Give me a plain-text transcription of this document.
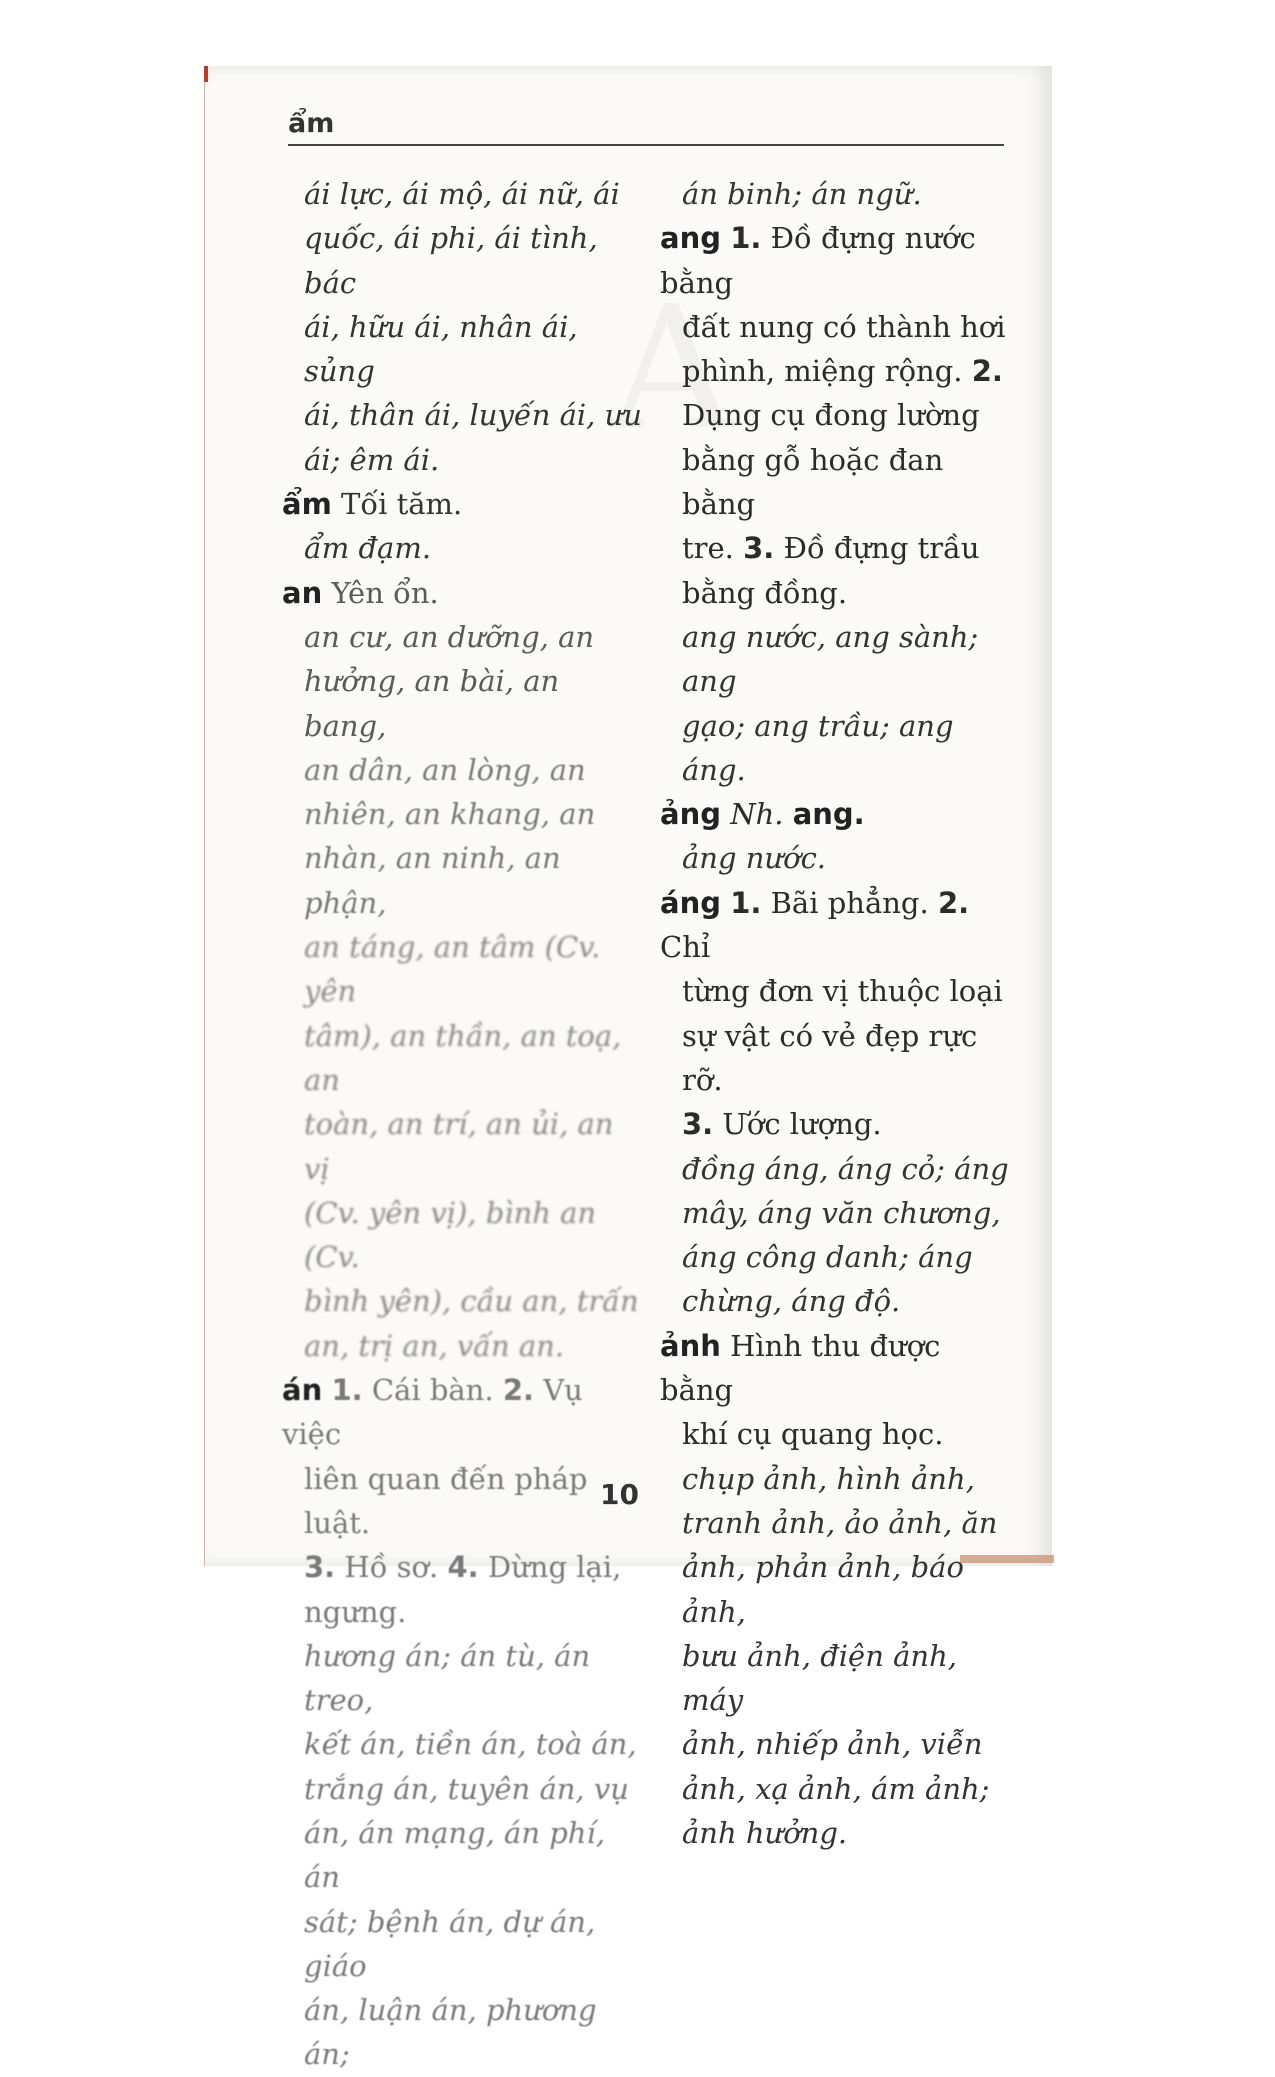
ẩm

ái lực, ái mộ, ái nữ, ái

quốc, ái phi, ái tình, bác

ái, hữu ái, nhân ái, sủng

ái, thân ái, luyến ái, ưu

ái; êm ái.

ẩm Tối tăm.

ẩm đạm.

an Yên ổn.

an cư, an dưỡng, an

hưởng, an bài, an bang,

an dân, an lòng, an

nhiên, an khang, an

nhàn, an ninh, an phận,

an táng, an tâm (Cv. yên

tâm), an thần, an toạ, an

toàn, an trí, an ủi, an vị

(Cv. yên vị), bình an (Cv.

bình yên), cầu an, trấn

an, trị an, vấn an.

án 1. Cái bàn. 2. Vụ việc

liên quan đến pháp luật.

3. Hồ sơ. 4. Dừng lại,

ngưng.

hương án; án tù, án treo,

kết án, tiền án, toà án,

trắng án, tuyên án, vụ

án, án mạng, án phí, án

sát; bệnh án, dự án, giáo

án, luận án, phương án;

án binh; án ngữ.

ang 1. Đồ đựng nước bằng

đất nung có thành hơi

phình, miệng rộng. 2.

Dụng cụ đong lường

bằng gỗ hoặc đan bằng

tre. 3. Đồ đựng trầu

bằng đồng.

ang nước, ang sành; ang

gạo; ang trầu; ang áng.

ảng Nh. ang.

ảng nước.

áng 1. Bãi phẳng. 2. Chỉ

từng đơn vị thuộc loại

sự vật có vẻ đẹp rực rỡ.

3. Ước lượng.

đồng áng, áng cỏ; áng

mây, áng văn chương,

áng công danh; áng

chừng, áng độ.

ảnh Hình thu được bằng

khí cụ quang học.

chụp ảnh, hình ảnh,

tranh ảnh, ảo ảnh, ăn

ảnh, phản ảnh, báo ảnh,

bưu ảnh, điện ảnh, máy

ảnh, nhiếp ảnh, viễn

ảnh, xạ ảnh, ám ảnh;

ảnh hưởng.

10
